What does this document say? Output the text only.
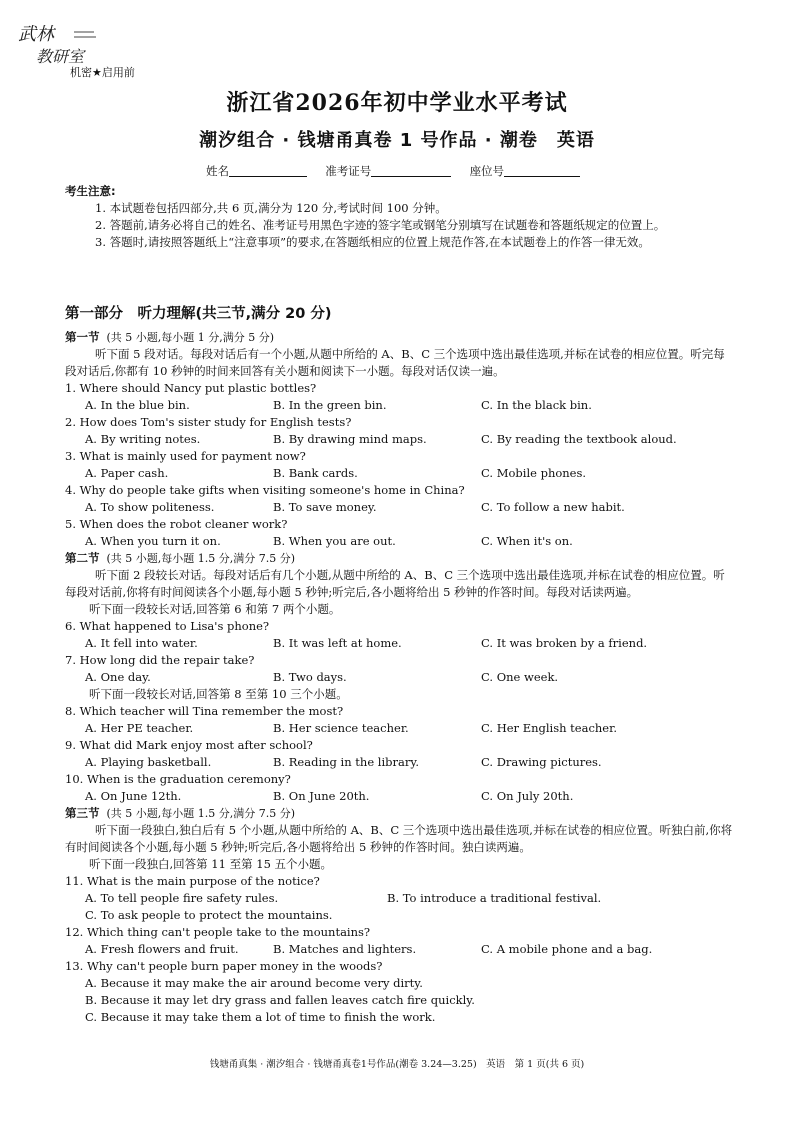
武林
教研室
机密★启用前
浙江省2026年初中学业水平考试
潮汐组合 · 钱塘甬真卷 1 号作品 · 潮卷　英语
姓名	准考证号	座位号
考生注意:

1. 本试题卷包括四部分,共 6 页,满分为 120 分,考试时间 100 分钟。

2. 答题前,请务必将自己的姓名、准考证号用黑色字迹的签字笔或钢笔分别填写在试题卷和答题纸规定的位置上。

3. 答题时,请按照答题纸上“注意事项”的要求,在答题纸相应的位置上规范作答,在本试题卷上的作答一律无效。

第一部分　听力理解(共三节,满分 20 分)
第一节 (共 5 小题,每小题 1 分,满分 5 分)

听下面 5 段对话。每段对话后有一个小题,从题中所给的 A、B、C 三个选项中选出最佳选项,并标在试卷的相应位置。听完每段对话后,你都有 10 秒钟的时间来回答有关小题和阅读下一小题。每段对话仅读一遍。

1. Where should Nancy put plastic bottles?

A. In the blue bin.	B. In the green bin.	C. In the black bin.

2. How does Tom's sister study for English tests?

A. By writing notes.	B. By drawing mind maps.	C. By reading the textbook aloud.

3. What is mainly used for payment now?

A. Paper cash.	B. Bank cards.	C. Mobile phones.

4. Why do people take gifts when visiting someone's home in China?

A. To show politeness.	B. To save money.	C. To follow a new habit.

5. When does the robot cleaner work?

A. When you turn it on.	B. When you are out.	C. When it's on.
第二节 (共 5 小题,每小题 1.5 分,满分 7.5 分)

听下面 2 段较长对话。每段对话后有几个小题,从题中所给的 A、B、C 三个选项中选出最佳选项,并标在试卷的相应位置。听每段对话前,你将有时间阅读各个小题,每小题 5 秒钟;听完后,各小题将给出 5 秒钟的作答时间。每段对话读两遍。

听下面一段较长对话,回答第 6 和第 7 两个小题。

6. What happened to Lisa's phone?

A. It fell into water.	B. It was left at home.	C. It was broken by a friend.

7. How long did the repair take?

A. One day.	B. Two days.	C. One week.

听下面一段较长对话,回答第 8 至第 10 三个小题。

8. Which teacher will Tina remember the most?

A. Her PE teacher.	B. Her science teacher.	C. Her English teacher.

9. What did Mark enjoy most after school?

A. Playing basketball.	B. Reading in the library.	C. Drawing pictures.

10. When is the graduation ceremony?

A. On June 12th.	B. On June 20th.	C. On July 20th.
第三节 (共 5 小题,每小题 1.5 分,满分 7.5 分)

听下面一段独白,独白后有 5 个小题,从题中所给的 A、B、C 三个选项中选出最佳选项,并标在试卷的相应位置。听独白前,你将有时间阅读各个小题,每小题 5 秒钟;听完后,各小题将给出 5 秒钟的作答时间。独白读两遍。

听下面一段独白,回答第 11 至第 15 五个小题。

11. What is the main purpose of the notice?

A. To tell people fire safety rules.	B. To introduce a traditional festival.
C. To ask people to protect the mountains.

12. Which thing can't people take to the mountains?

A. Fresh flowers and fruit.	B. Matches and lighters.	C. A mobile phone and a bag.

13. Why can't people burn paper money in the woods?

A. Because it may make the air around become very dirty.
B. Because it may let dry grass and fallen leaves catch fire quickly.
C. Because it may take them a lot of time to finish the work.
钱塘甬真集 · 潮汐组合 · 钱塘甬真卷1号作品(潮卷 3.24—3.25)　英语　第 1 页(共 6 页)
